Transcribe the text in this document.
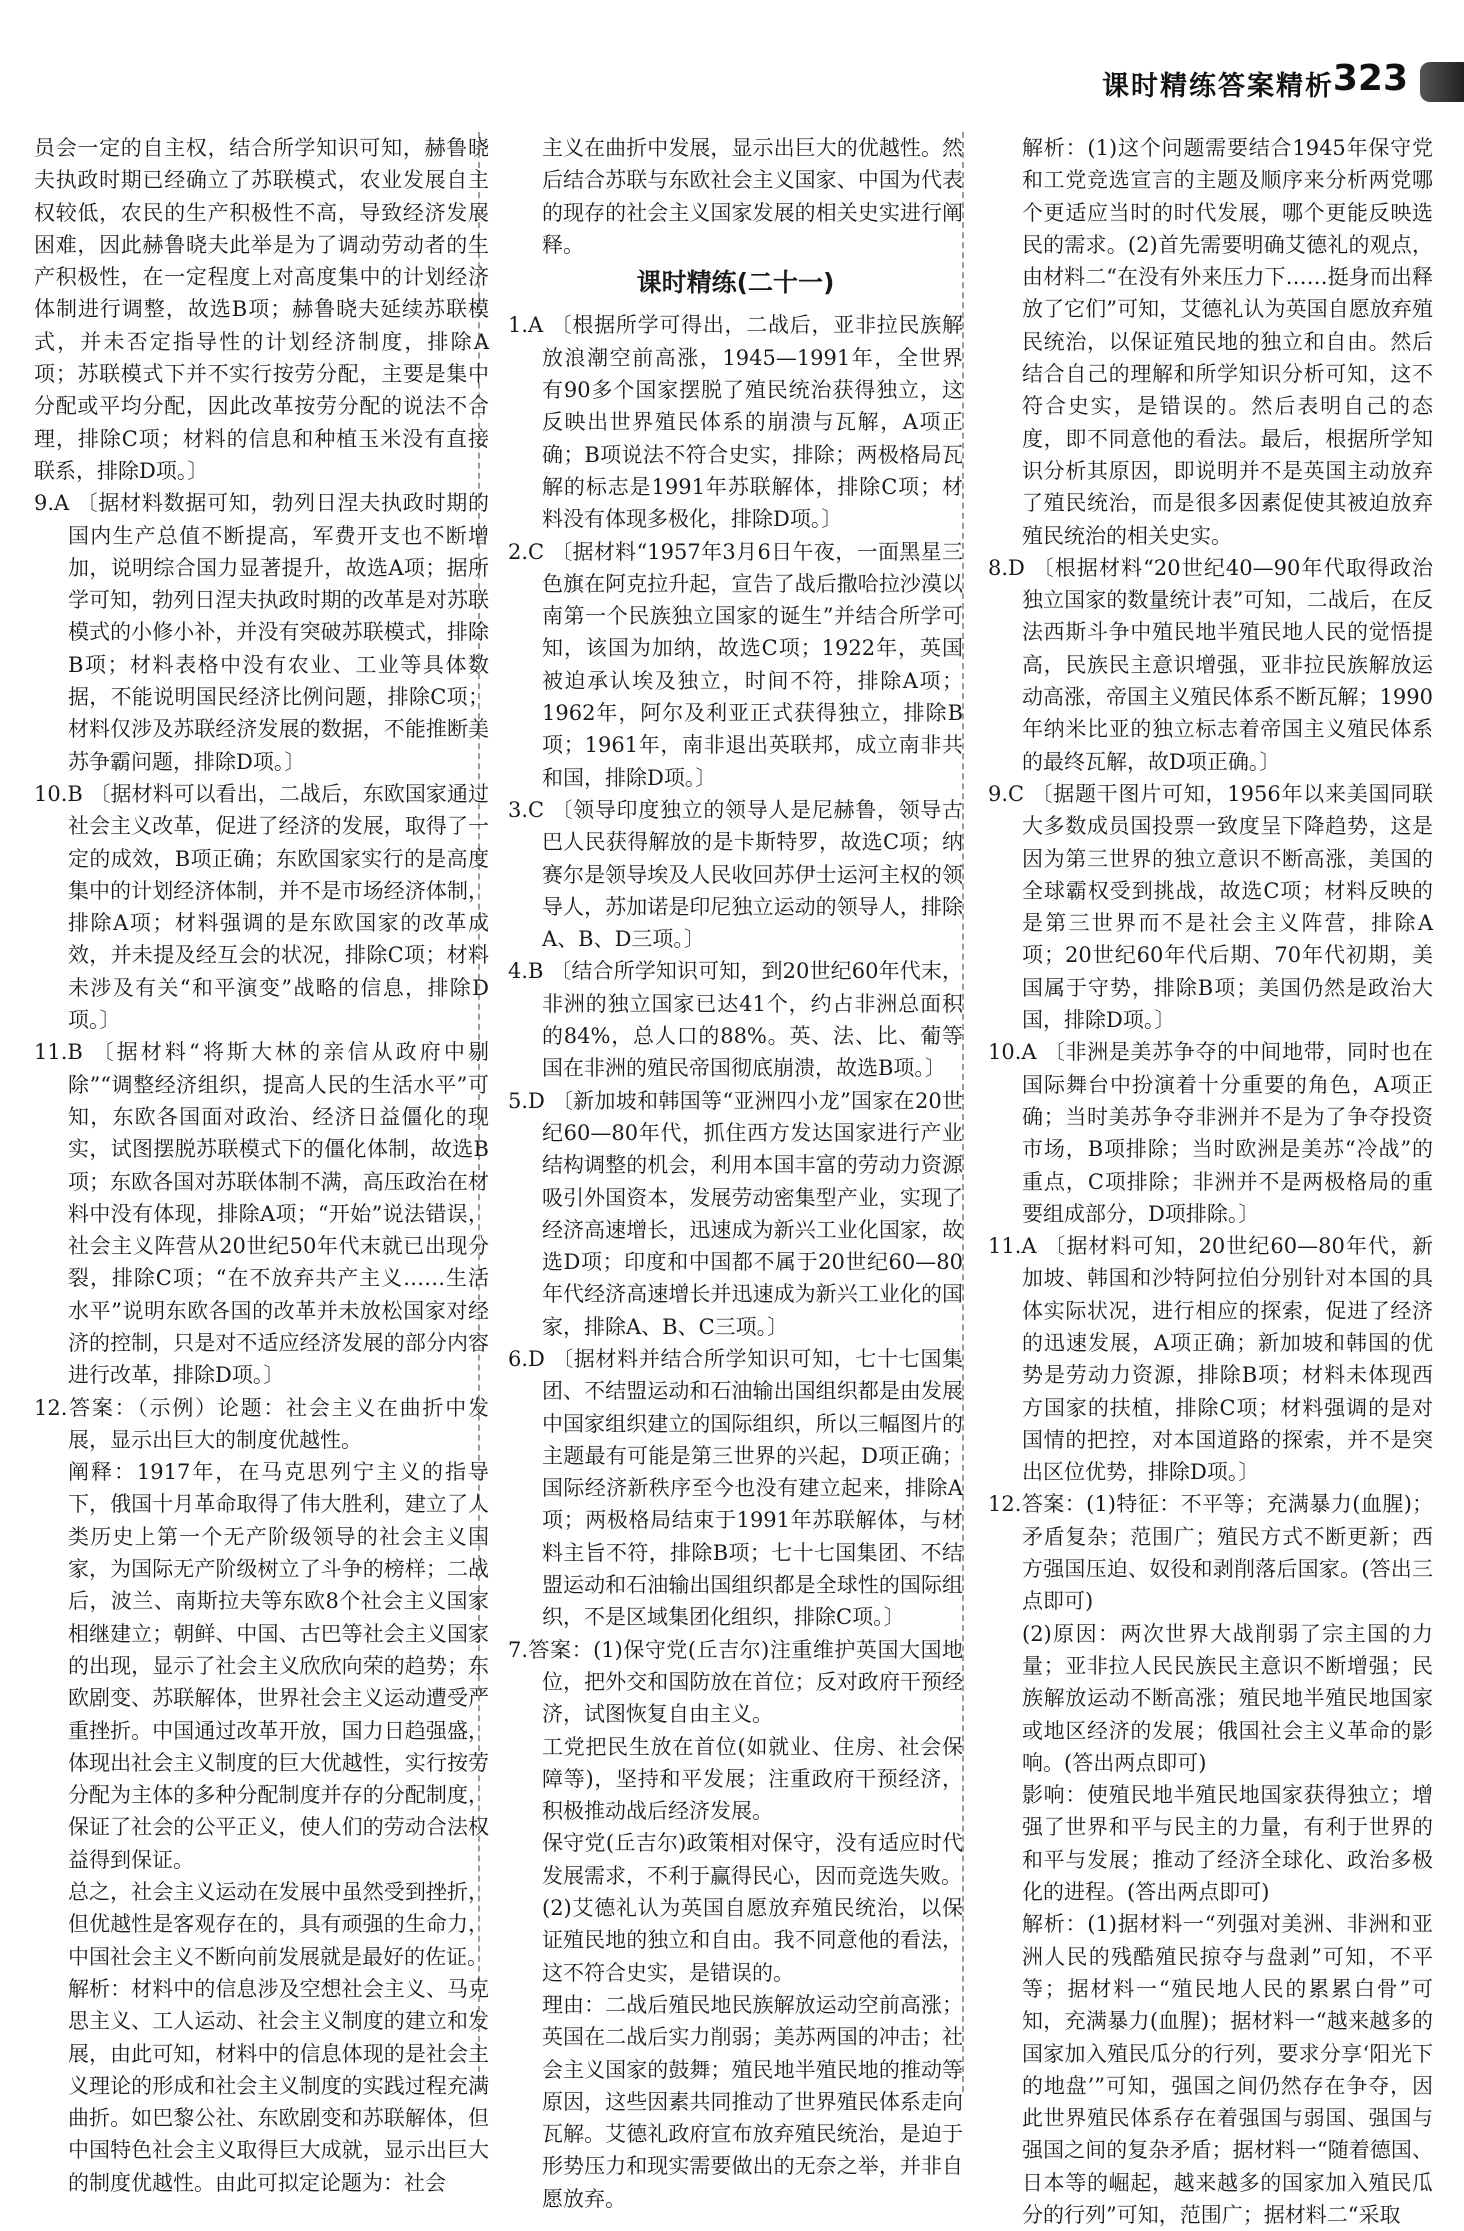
课时精练答案精析
323

员会一定的自主权，结合所学知识可知，赫鲁晓夫执政时期已经确立了苏联模式，农业发展自主权较低，农民的生产积极性不高，导致经济发展困难，因此赫鲁晓夫此举是为了调动劳动者的生产积极性，在一定程度上对高度集中的计划经济体制进行调整，故选B项；赫鲁晓夫延续苏联模式，并未否定指导性的计划经济制度，排除A项；苏联模式下并不实行按劳分配，主要是集中分配或平均分配，因此改革按劳分配的说法不合理，排除C项；材料的信息和种植玉米没有直接联系，排除D项。〕

9.A 〔据材料数据可知，勃列日涅夫执政时期的国内生产总值不断提高，军费开支也不断增加，说明综合国力显著提升，故选A项；据所学可知，勃列日涅夫执政时期的改革是对苏联模式的小修小补，并没有突破苏联模式，排除B项；材料表格中没有农业、工业等具体数据，不能说明国民经济比例问题，排除C项；材料仅涉及苏联经济发展的数据，不能推断美苏争霸问题，排除D项。〕

10.B 〔据材料可以看出，二战后，东欧国家通过社会主义改革，促进了经济的发展，取得了一定的成效，B项正确；东欧国家实行的是高度集中的计划经济体制，并不是市场经济体制，排除A项；材料强调的是东欧国家的改革成效，并未提及经互会的状况，排除C项；材料未涉及有关“和平演变”战略的信息，排除D项。〕

11.B 〔据材料“将斯大林的亲信从政府中剔除”“调整经济组织，提高人民的生活水平”可知，东欧各国面对政治、经济日益僵化的现实，试图摆脱苏联模式下的僵化体制，故选B项；东欧各国对苏联体制不满，高压政治在材料中没有体现，排除A项；“开始”说法错误，社会主义阵营从20世纪50年代末就已出现分裂，排除C项；“在不放弃共产主义……生活水平”说明东欧各国的改革并未放松国家对经济的控制，只是对不适应经济发展的部分内容进行改革，排除D项。〕

12.答案：（示例）论题：社会主义在曲折中发展，显示出巨大的制度优越性。

阐释：1917年，在马克思列宁主义的指导下，俄国十月革命取得了伟大胜利，建立了人类历史上第一个无产阶级领导的社会主义国家，为国际无产阶级树立了斗争的榜样；二战后，波兰、南斯拉夫等东欧8个社会主义国家相继建立；朝鲜、中国、古巴等社会主义国家的出现，显示了社会主义欣欣向荣的趋势；东欧剧变、苏联解体，世界社会主义运动遭受严重挫折。中国通过改革开放，国力日趋强盛，体现出社会主义制度的巨大优越性，实行按劳分配为主体的多种分配制度并存的分配制度，保证了社会的公平正义，使人们的劳动合法权益得到保证。

总之，社会主义运动在发展中虽然受到挫折，但优越性是客观存在的，具有顽强的生命力，中国社会主义不断向前发展就是最好的佐证。

解析：材料中的信息涉及空想社会主义、马克思主义、工人运动、社会主义制度的建立和发展，由此可知，材料中的信息体现的是社会主义理论的形成和社会主义制度的实践过程充满曲折。如巴黎公社、东欧剧变和苏联解体，但中国特色社会主义取得巨大成就，显示出巨大的制度优越性。由此可拟定论题为：社会

主义在曲折中发展，显示出巨大的优越性。然后结合苏联与东欧社会主义国家、中国为代表的现存的社会主义国家发展的相关史实进行阐释。

课时精练(二十一)

1.A 〔根据所学可得出，二战后，亚非拉民族解放浪潮空前高涨，1945—1991年，全世界有90多个国家摆脱了殖民统治获得独立，这反映出世界殖民体系的崩溃与瓦解，A项正确；B项说法不符合史实，排除；两极格局瓦解的标志是1991年苏联解体，排除C项；材料没有体现多极化，排除D项。〕

2.C 〔据材料“1957年3月6日午夜，一面黑星三色旗在阿克拉升起，宣告了战后撒哈拉沙漠以南第一个民族独立国家的诞生”并结合所学可知，该国为加纳，故选C项；1922年，英国被迫承认埃及独立，时间不符，排除A项；1962年，阿尔及利亚正式获得独立，排除B项；1961年，南非退出英联邦，成立南非共和国，排除D项。〕

3.C 〔领导印度独立的领导人是尼赫鲁，领导古巴人民获得解放的是卡斯特罗，故选C项；纳赛尔是领导埃及人民收回苏伊士运河主权的领导人，苏加诺是印尼独立运动的领导人，排除A、B、D三项。〕

4.B 〔结合所学知识可知，到20世纪60年代末，非洲的独立国家已达41个，约占非洲总面积的84%，总人口的88%。英、法、比、葡等国在非洲的殖民帝国彻底崩溃，故选B项。〕

5.D 〔新加坡和韩国等“亚洲四小龙”国家在20世纪60—80年代，抓住西方发达国家进行产业结构调整的机会，利用本国丰富的劳动力资源吸引外国资本，发展劳动密集型产业，实现了经济高速增长，迅速成为新兴工业化国家，故选D项；印度和中国都不属于20世纪60—80年代经济高速增长并迅速成为新兴工业化的国家，排除A、B、C三项。〕

6.D 〔据材料并结合所学知识可知，七十七国集团、不结盟运动和石油输出国组织都是由发展中国家组织建立的国际组织，所以三幅图片的主题最有可能是第三世界的兴起，D项正确；国际经济新秩序至今也没有建立起来，排除A项；两极格局结束于1991年苏联解体，与材料主旨不符，排除B项；七十七国集团、不结盟运动和石油输出国组织都是全球性的国际组织，不是区域集团化组织，排除C项。〕

7.答案：(1)保守党(丘吉尔)注重维护英国大国地位，把外交和国防放在首位；反对政府干预经济，试图恢复自由主义。

工党把民生放在首位(如就业、住房、社会保障等)，坚持和平发展；注重政府干预经济，积极推动战后经济发展。

保守党(丘吉尔)政策相对保守，没有适应时代发展需求，不利于赢得民心，因而竞选失败。

(2)艾德礼认为英国自愿放弃殖民统治，以保证殖民地的独立和自由。我不同意他的看法，这不符合史实，是错误的。

理由：二战后殖民地民族解放运动空前高涨；英国在二战后实力削弱；美苏两国的冲击；社会主义国家的鼓舞；殖民地半殖民地的推动等原因，这些因素共同推动了世界殖民体系走向瓦解。艾德礼政府宣布放弃殖民统治，是迫于形势压力和现实需要做出的无奈之举，并非自愿放弃。

解析：(1)这个问题需要结合1945年保守党和工党竞选宣言的主题及顺序来分析两党哪个更适应当时的时代发展，哪个更能反映选民的需求。(2)首先需要明确艾德礼的观点，由材料二“在没有外来压力下……挺身而出释放了它们”可知，艾德礼认为英国自愿放弃殖民统治，以保证殖民地的独立和自由。然后结合自己的理解和所学知识分析可知，这不符合史实，是错误的。然后表明自己的态度，即不同意他的看法。最后，根据所学知识分析其原因，即说明并不是英国主动放弃了殖民统治，而是很多因素促使其被迫放弃殖民统治的相关史实。

8.D 〔根据材料“20世纪40—90年代取得政治独立国家的数量统计表”可知，二战后，在反法西斯斗争中殖民地半殖民地人民的觉悟提高，民族民主意识增强，亚非拉民族解放运动高涨，帝国主义殖民体系不断瓦解；1990年纳米比亚的独立标志着帝国主义殖民体系的最终瓦解，故D项正确。〕

9.C 〔据题干图片可知，1956年以来美国同联大多数成员国投票一致度呈下降趋势，这是因为第三世界的独立意识不断高涨，美国的全球霸权受到挑战，故选C项；材料反映的是第三世界而不是社会主义阵营，排除A项；20世纪60年代后期、70年代初期，美国属于守势，排除B项；美国仍然是政治大国，排除D项。〕

10.A 〔非洲是美苏争夺的中间地带，同时也在国际舞台中扮演着十分重要的角色，A项正确；当时美苏争夺非洲并不是为了争夺投资市场，B项排除；当时欧洲是美苏“冷战”的重点，C项排除；非洲并不是两极格局的重要组成部分，D项排除。〕

11.A 〔据材料可知，20世纪60—80年代，新加坡、韩国和沙特阿拉伯分别针对本国的具体实际状况，进行相应的探索，促进了经济的迅速发展，A项正确；新加坡和韩国的优势是劳动力资源，排除B项；材料未体现西方国家的扶植，排除C项；材料强调的是对国情的把控，对本国道路的探索，并不是突出区位优势，排除D项。〕

12.答案：(1)特征：不平等；充满暴力(血腥)；矛盾复杂；范围广；殖民方式不断更新；西方强国压迫、奴役和剥削落后国家。(答出三点即可)

(2)原因：两次世界大战削弱了宗主国的力量；亚非拉人民民族民主意识不断增强；民族解放运动不断高涨；殖民地半殖民地国家或地区经济的发展；俄国社会主义革命的影响。(答出两点即可)

影响：使殖民地半殖民地国家获得独立；增强了世界和平与民主的力量，有利于世界的和平与发展；推动了经济全球化、政治多极化的进程。(答出两点即可)

解析：(1)据材料一“列强对美洲、非洲和亚洲人民的残酷殖民掠夺与盘剥”可知，不平等；据材料一“殖民地人民的累累白骨”可知，充满暴力(血腥)；据材料一“越来越多的国家加入殖民瓜分的行列，要求分享‘阳光下的地盘’”可知，强国之间仍然存在争夺，因此世界殖民体系存在着强国与弱国、强国与强国之间的复杂矛盾；据材料一“随着德国、日本等的崛起，越来越多的国家加入殖民瓜分的行列”可知，范围广；据材料二“采取
